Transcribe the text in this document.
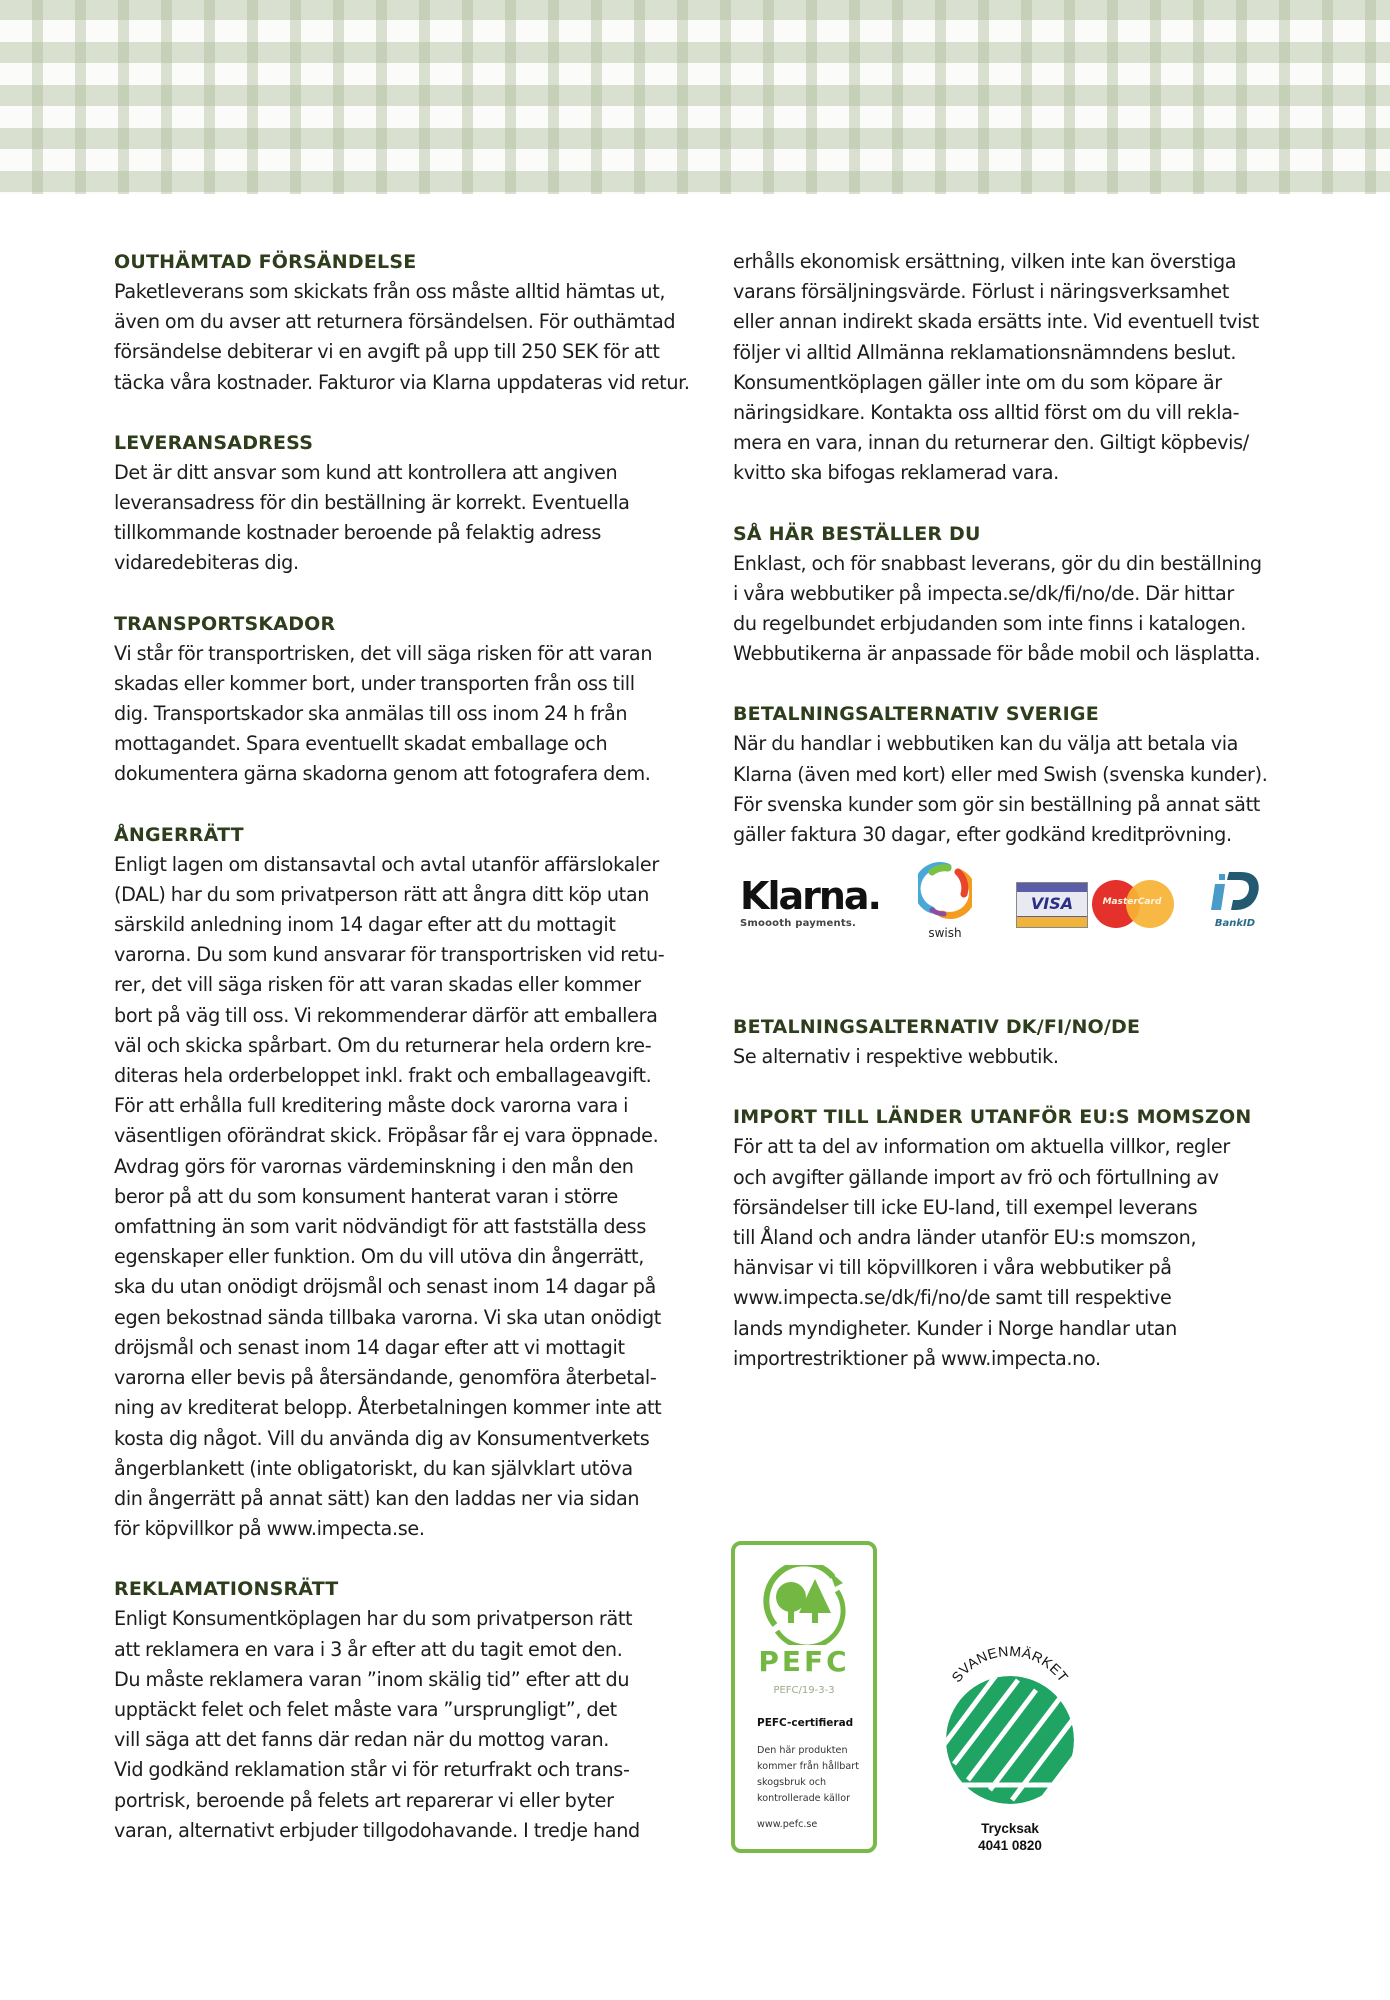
OUTHÄMTAD FÖRSÄNDELSE

Paketleverans som skickats från oss måste alltid hämtas ut,
även om du avser att returnera försändelsen. För outhämtad
försändelse debiterar vi en avgift på upp till 250 SEK för att
täcka våra kostnader. Fakturor via Klarna uppdateras vid retur.

LEVERANSADRESS

Det är ditt ansvar som kund att kontrollera att angiven
leveransadress för din beställning är korrekt. Eventuella
tillkommande kostnader beroende på felaktig adress
vidaredebiteras dig.

TRANSPORTSKADOR

Vi står för transportrisken, det vill säga risken för att varan
skadas eller kommer bort, under transporten från oss till
dig. Transportskador ska anmälas till oss inom 24 h från
mottagandet. Spara eventuellt skadat emballage och
dokumentera gärna skadorna genom att fotografera dem.

ÅNGERRÄTT

Enligt lagen om distansavtal och avtal utanför affärslokaler
(DAL) har du som privatperson rätt att ångra ditt köp utan
särskild anledning inom 14 dagar efter att du mottagit
varorna. Du som kund ansvarar för transportrisken vid retu-
rer, det vill säga risken för att varan skadas eller kommer
bort på väg till oss. Vi rekommenderar därför att emballera
väl och skicka spårbart. Om du returnerar hela ordern kre-
diteras hela orderbeloppet inkl. frakt och emballageavgift.
För att erhålla full kreditering måste dock varorna vara i
väsentligen oförändrat skick. Fröpåsar får ej vara öppnade.
Avdrag görs för varornas värdeminskning i den mån den
beror på att du som konsument hanterat varan i större
omfattning än som varit nödvändigt för att fastställa dess
egenskaper eller funktion. Om du vill utöva din ångerrätt,
ska du utan onödigt dröjsmål och senast inom 14 dagar på
egen bekostnad sända tillbaka varorna. Vi ska utan onödigt
dröjsmål och senast inom 14 dagar efter att vi mottagit
varorna eller bevis på återsändande, genomföra återbetal-
ning av krediterat belopp. Återbetalningen kommer inte att
kosta dig något. Vill du använda dig av Konsumentverkets
ångerblankett (inte obligatoriskt, du kan självklart utöva
din ångerrätt på annat sätt) kan den laddas ner via sidan
för köpvillkor på www.impecta.se.

REKLAMATIONSRÄTT

Enligt Konsumentköplagen har du som privatperson rätt
att reklamera en vara i 3 år efter att du tagit emot den.
Du måste reklamera varan ”inom skälig tid” efter att du
upptäckt felet och felet måste vara ”ursprungligt”, det
vill säga att det fanns där redan när du mottog varan.
Vid godkänd reklamation står vi för returfrakt och trans-
portrisk, beroende på felets art reparerar vi eller byter
varan, alternativt erbjuder tillgodohavande. I tredje hand

erhålls ekonomisk ersättning, vilken inte kan överstiga
varans försäljningsvärde. Förlust i näringsverksamhet
eller annan indirekt skada ersätts inte. Vid eventuell tvist
följer vi alltid Allmänna reklamationsnämndens beslut.
Konsumentköplagen gäller inte om du som köpare är
näringsidkare. Kontakta oss alltid först om du vill rekla-
mera en vara, innan du returnerar den. Giltigt köpbevis/
kvitto ska bifogas reklamerad vara.

SÅ HÄR BESTÄLLER DU

Enklast, och för snabbast leverans, gör du din beställning
i våra webbutiker på impecta.se/dk/fi/no/de. Där hittar
du regelbundet erbjudanden som inte finns i katalogen.
Webbutikerna är anpassade för både mobil och läsplatta.

BETALNINGSALTERNATIV SVERIGE

När du handlar i webbutiken kan du välja att betala via
Klarna (även med kort) eller med Swish (svenska kunder).
För svenska kunder som gör sin beställning på annat sätt
gäller faktura 30 dagar, efter godkänd kreditprövning.

Klarna.
Smoooth payments.
swish
VISA	MasterCard
BankID
BETALNINGSALTERNATIV DK/FI/NO/DE

Se alternativ i respektive webbutik.

IMPORT TILL LÄNDER UTANFÖR EU:S MOMSZON

För att ta del av information om aktuella villkor, regler
och avgifter gällande import av frö och förtullning av
försändelser till icke EU-land, till exempel leverans
till Åland och andra länder utanför EU:s momszon,
hänvisar vi till köpvillkoren i våra webbutiker på
www.impecta.se/dk/fi/no/de samt till respektive
lands myndigheter. Kunder i Norge handlar utan
importrestriktioner på www.impecta.no.

PEFC
PEFC/19-3-3
PEFC-certifierad
Den här produkten
kommer från hållbart
skogsbruk och
kontrollerade källor
www.pefc.se
SVANENMÄRKET
Trycksak
4041 0820
